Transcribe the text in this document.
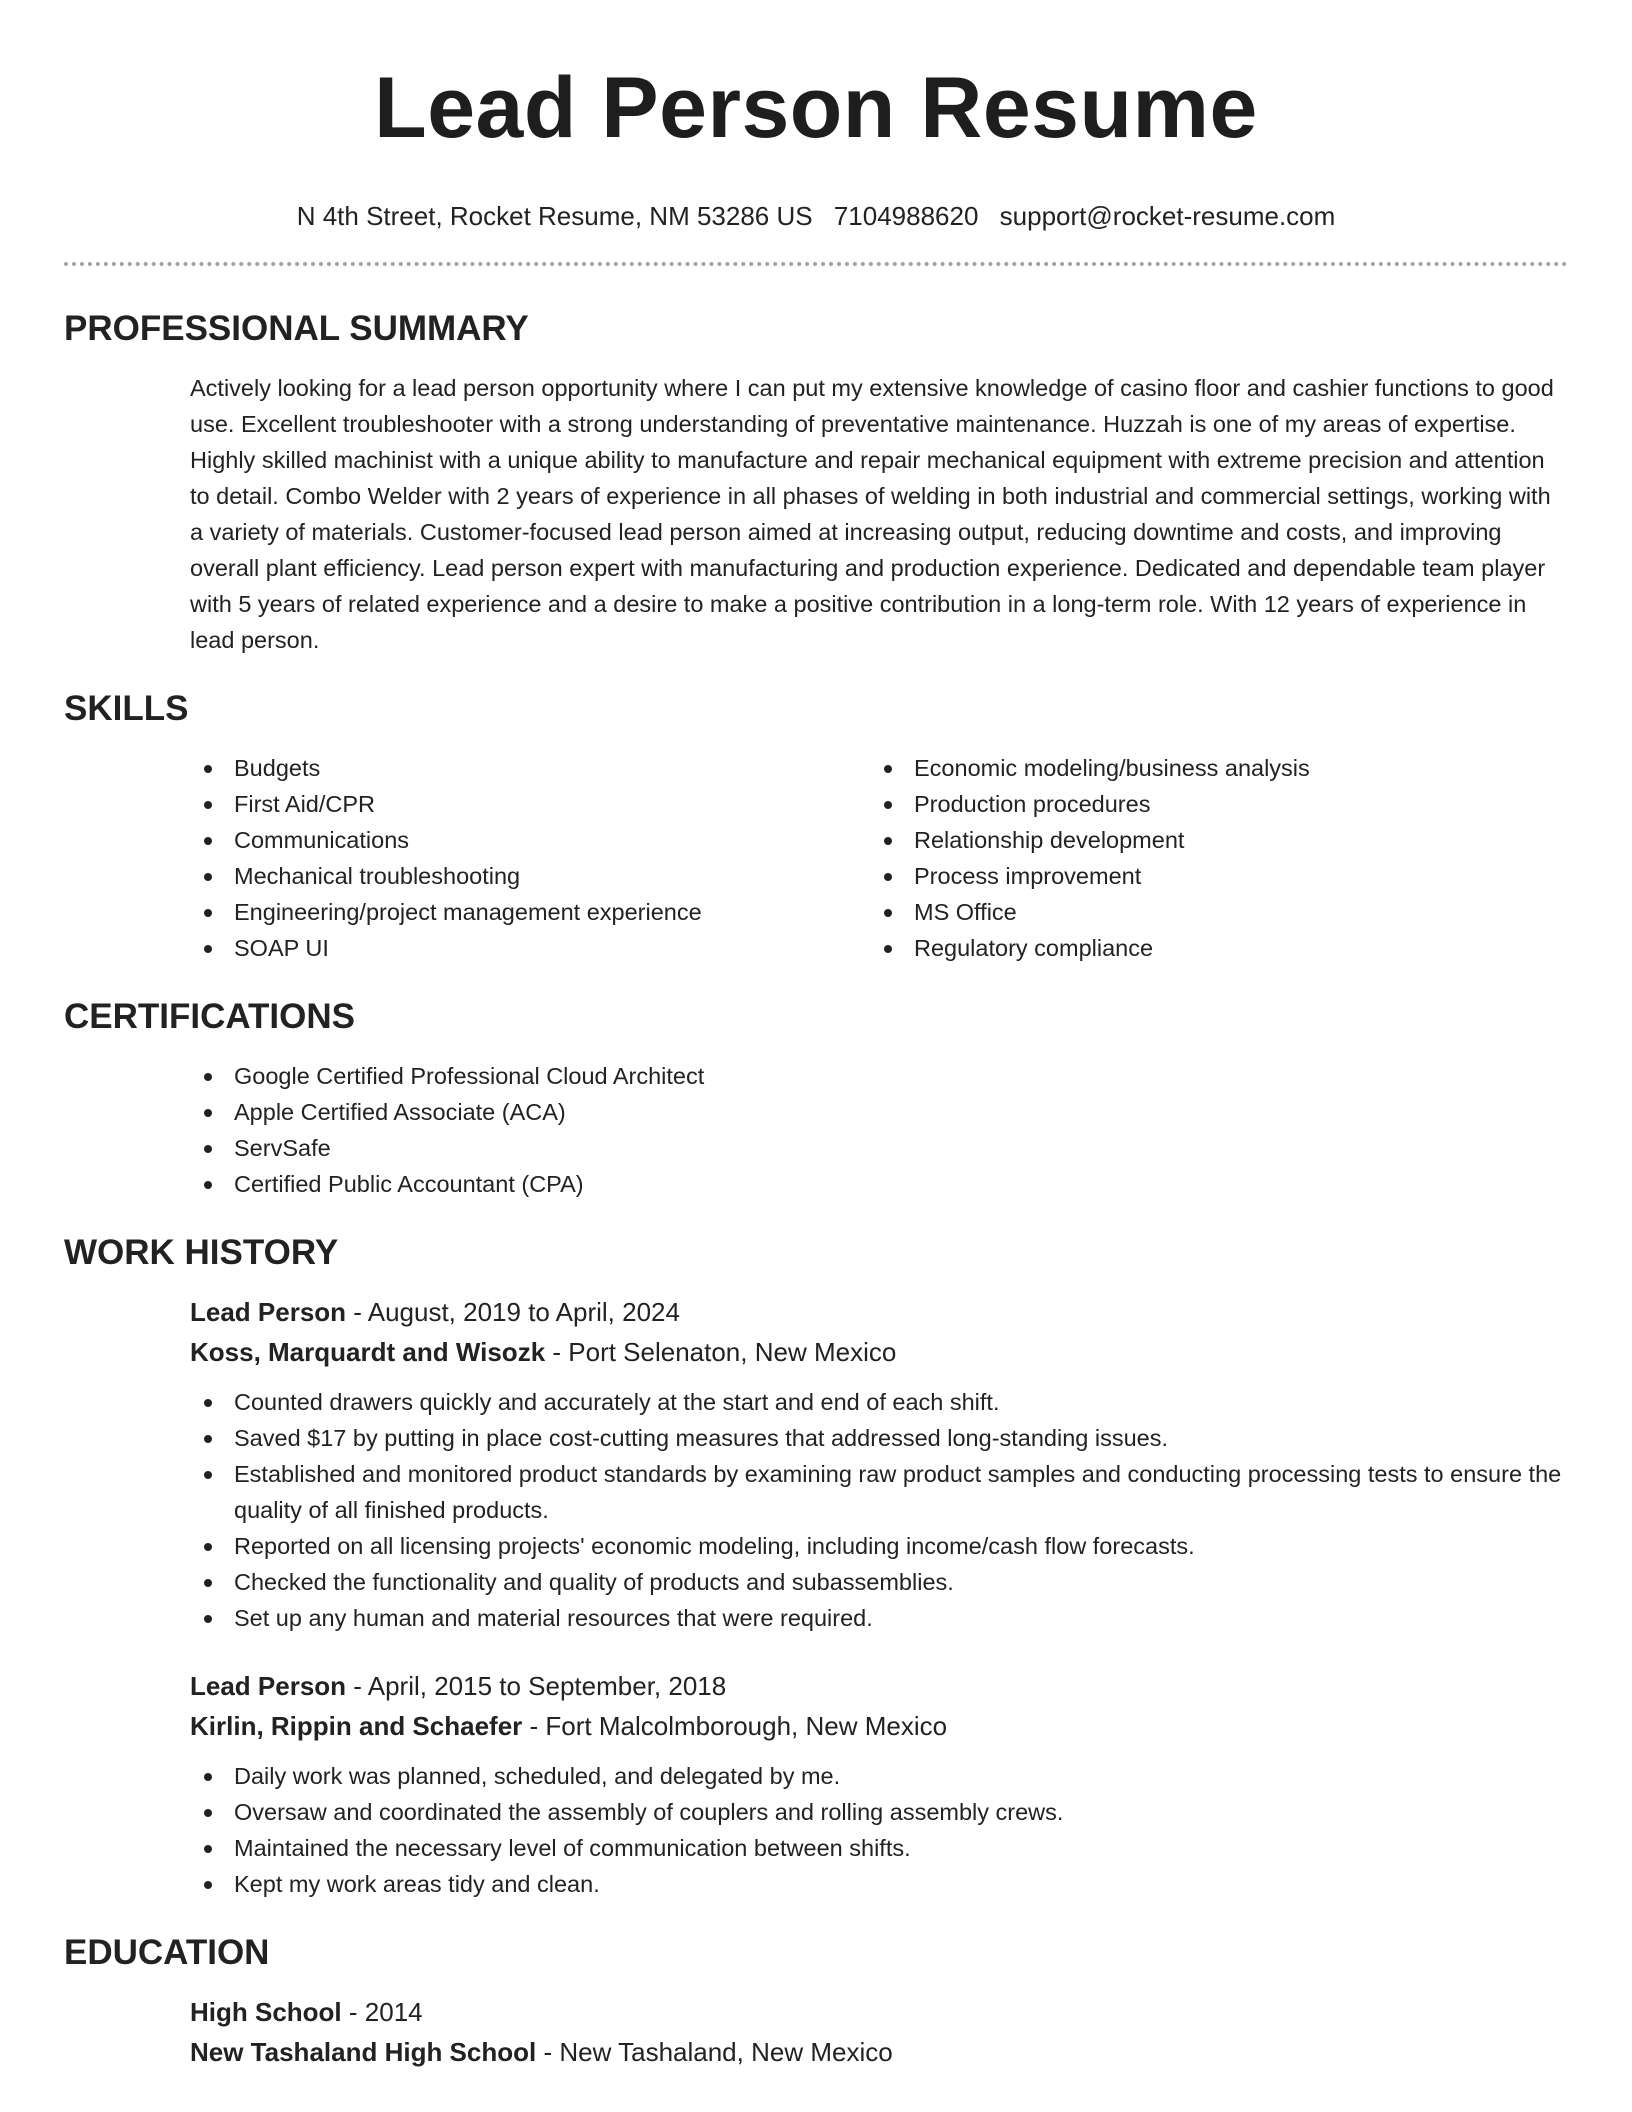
Lead Person Resume
N 4th Street, Rocket Resume, NM 53286 US 7104988620 support@rocket-resume.com
PROFESSIONAL SUMMARY

Actively looking for a lead person opportunity where I can put my extensive knowledge of casino floor and cashier functions to good use. Excellent troubleshooter with a strong understanding of preventative maintenance. Huzzah is one of my areas of expertise. Highly skilled machinist with a unique ability to manufacture and repair mechanical equipment with extreme precision and attention to detail. Combo Welder with 2 years of experience in all phases of welding in both industrial and commercial settings, working with a variety of materials. Customer-focused lead person aimed at increasing output, reducing downtime and costs, and improving overall plant efficiency. Lead person expert with manufacturing and production experience. Dedicated and dependable team player with 5 years of related experience and a desire to make a positive contribution in a long-term role. With 12 years of experience in lead person.

SKILLS
Budgets
First Aid/CPR
Communications
Mechanical troubleshooting
Engineering/project management experience
SOAP UI
Economic modeling/business analysis
Production procedures
Relationship development
Process improvement
MS Office
Regulatory compliance
CERTIFICATIONS
Google Certified Professional Cloud Architect
Apple Certified Associate (ACA)
ServSafe
Certified Public Accountant (CPA)
WORK HISTORY
Lead Person - August, 2019 to April, 2024
Koss, Marquardt and Wisozk - Port Selenaton, New Mexico
Counted drawers quickly and accurately at the start and end of each shift.
Saved $17 by putting in place cost-cutting measures that addressed long-standing issues.
Established and monitored product standards by examining raw product samples and conducting processing tests to ensure the quality of all finished products.
Reported on all licensing projects' economic modeling, including income/cash flow forecasts.
Checked the functionality and quality of products and subassemblies.
Set up any human and material resources that were required.
Lead Person - April, 2015 to September, 2018
Kirlin, Rippin and Schaefer - Fort Malcolmborough, New Mexico
Daily work was planned, scheduled, and delegated by me.
Oversaw and coordinated the assembly of couplers and rolling assembly crews.
Maintained the necessary level of communication between shifts.
Kept my work areas tidy and clean.
EDUCATION
High School - 2014
New Tashaland High School - New Tashaland, New Mexico
